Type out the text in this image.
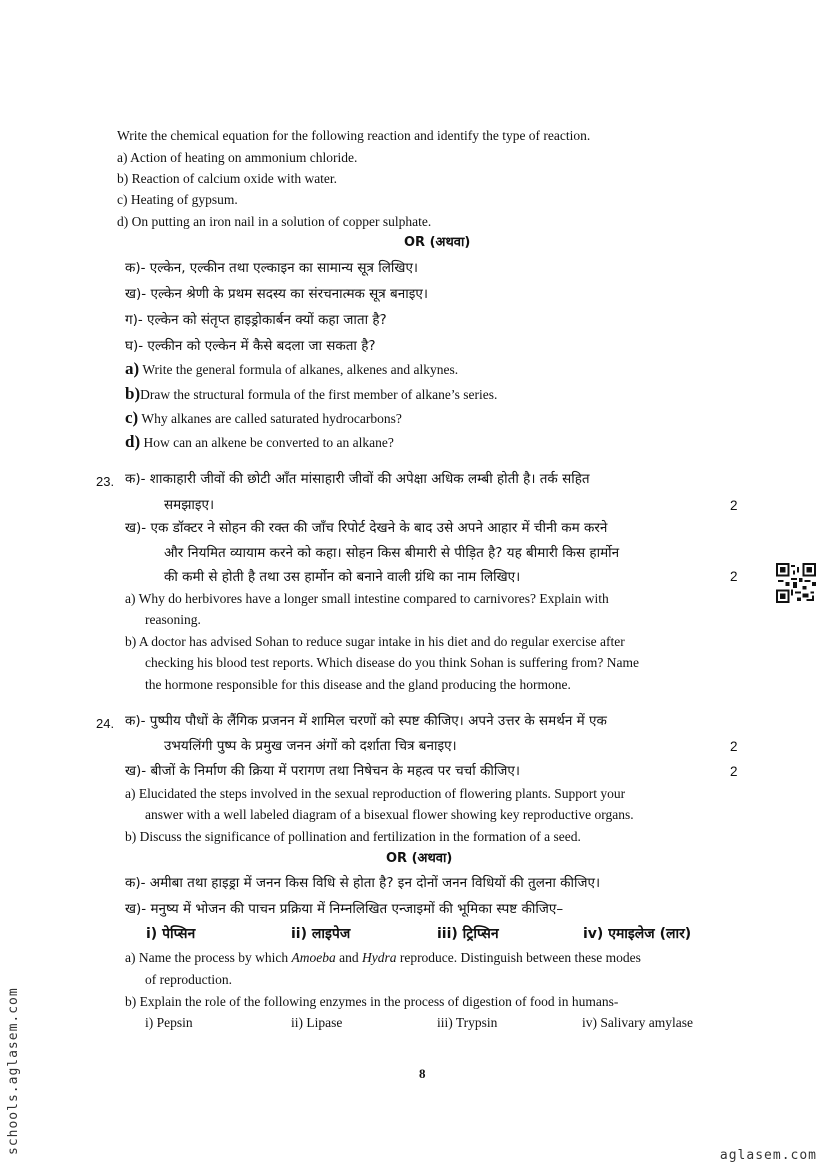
Write the chemical equation for the following reaction and identify the type of reaction.
a) Action of heating on ammonium chloride.
b) Reaction of calcium oxide with water.
c) Heating of gypsum.
d) On putting an iron nail in a solution of copper sulphate.
OR (अथवा)
क)- एल्केन, एल्कीन तथा एल्काइन का सामान्य सूत्र लिखिए।
ख)- एल्केन श्रेणी के प्रथम सदस्य का संरचनात्मक सूत्र बनाइए।
ग)- एल्केन को संतृप्त हाइड्रोकार्बन क्यों कहा जाता है?
घ)- एल्कीन को एल्केन में कैसे बदला जा सकता है?
a) Write the general formula of alkanes, alkenes and alkynes.
b)Draw the structural formula of the first member of alkane’s series.
c) Why alkanes are called saturated hydrocarbons?
d) How can an alkene be converted to an alkane?
23. क)- शाकाहारी जीवों की छोटी आँत मांसाहारी जीवों की अपेक्षा अधिक लम्बी होती है। तर्क सहित
समझाइए।	2
ख)- एक डॉक्टर ने सोहन की रक्त की जाँच रिपोर्ट देखने के बाद उसे अपने आहार में चीनी कम करने
और नियमित व्यायाम करने को कहा। सोहन किस बीमारी से पीड़ित है? यह बीमारी किस हार्मोन
की कमी से होती है तथा उस हार्मोन को बनाने वाली ग्रंथि का नाम लिखिए।	2
a) Why do herbivores have a longer small intestine compared to carnivores? Explain with
reasoning.
b) A doctor has advised Sohan to reduce sugar intake in his diet and do regular exercise after
checking his blood test reports. Which disease do you think Sohan is suffering from? Name
the hormone responsible for this disease and the gland producing the hormone.
24. क)- पुष्पीय पौधों के लैंगिक प्रजनन में शामिल चरणों को स्पष्ट कीजिए। अपने उत्तर के समर्थन में एक
उभयलिंगी पुष्प के प्रमुख जनन अंगों को दर्शाता चित्र बनाइए।	2
ख)- बीजों के निर्माण की क्रिया में परागण तथा निषेचन के महत्व पर चर्चा कीजिए।	2
a) Elucidated the steps involved in the sexual reproduction of flowering plants. Support your
answer with a well labeled diagram of a bisexual flower showing key reproductive organs.
b) Discuss the significance of pollination and fertilization in the formation of a seed.
OR (अथवा)
क)- अमीबा तथा हाइड्रा में जनन किस विधि से होता है? इन दोनों जनन विधियों की तुलना कीजिए।
ख)- मनुष्य में भोजन की पाचन प्रक्रिया में निम्नलिखित एन्जाइमों की भूमिका स्पष्ट कीजिए–
i) पेप्सिन	ii) लाइपेज	iii) ट्रिप्सिन	iv) एमाइलेज (लार)
a) Name the process by which Amoeba and Hydra reproduce. Distinguish between these modes
of reproduction.
b) Explain the role of the following enzymes in the process of digestion of food in humans-
i) Pepsin	ii) Lipase	iii) Trypsin	iv) Salivary amylase
8
schools.aglasem.com
aglasem.com
